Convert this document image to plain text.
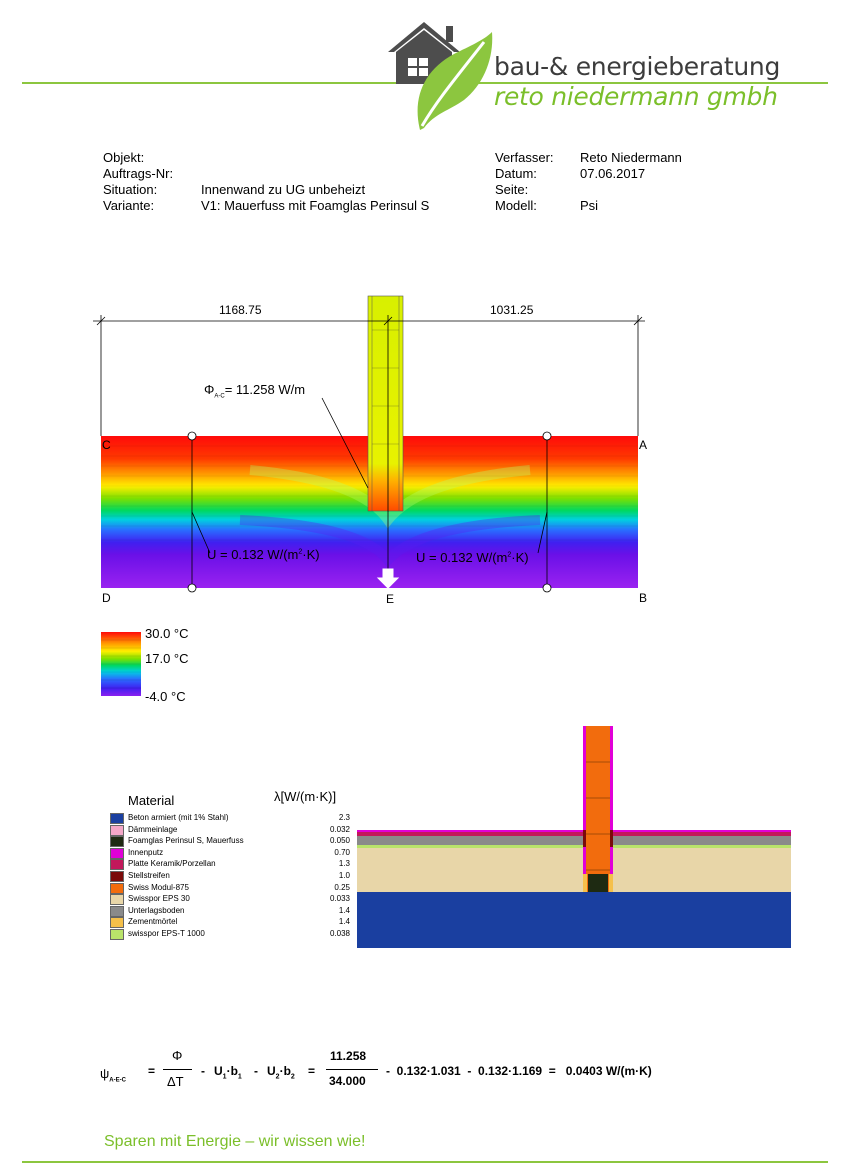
bau-& energieberatung
reto niedermann gmbh
Objekt:
Auftrags-Nr:
Situation:	Innenwand zu UG unbeheizt
Variante:	V1: Mauerfuss mit Foamglas Perinsul S
Verfasser: Reto Niedermann
Datum:	07.06.2017
Seite:
Modell:	Psi
1168.75	1031.25
$\Phi_{A-C}= 11.258$ W/m
U = 0.132 $W/(m^2\cdot K)$	U = 0.132 $W/(m^2\cdot K)$
C	A
D	E	B
30.0 °C
17.0 °C
-4.0 °C
Material	λ[W/(m·K)]
Beton armiert (mit 1% Stahl)	2.3
Dämmeinlage	0.032
Foamglas Perinsul S, Mauerfuss	0.050
Innenputz	0.70
Platte Keramik/Porzellan	1.3
Stellstreifen	1.0
Swiss Modul-875	0.25
Swisspor EPS 30	0.033
Unterlagsboden	1.4
Zementmörtel	1.4
swisspor EPS-T 1000	0.038
$\psi_{A-E-C}$
=
Φ
ΔT
- $U_1\cdot b_1 - U_2\cdot b_2$ =
11.258
34.000
-  0.132·1.031  -  0.132·1.169  =   0.0403 W/(m·K)
Sparen mit Energie – wir wissen wie!
